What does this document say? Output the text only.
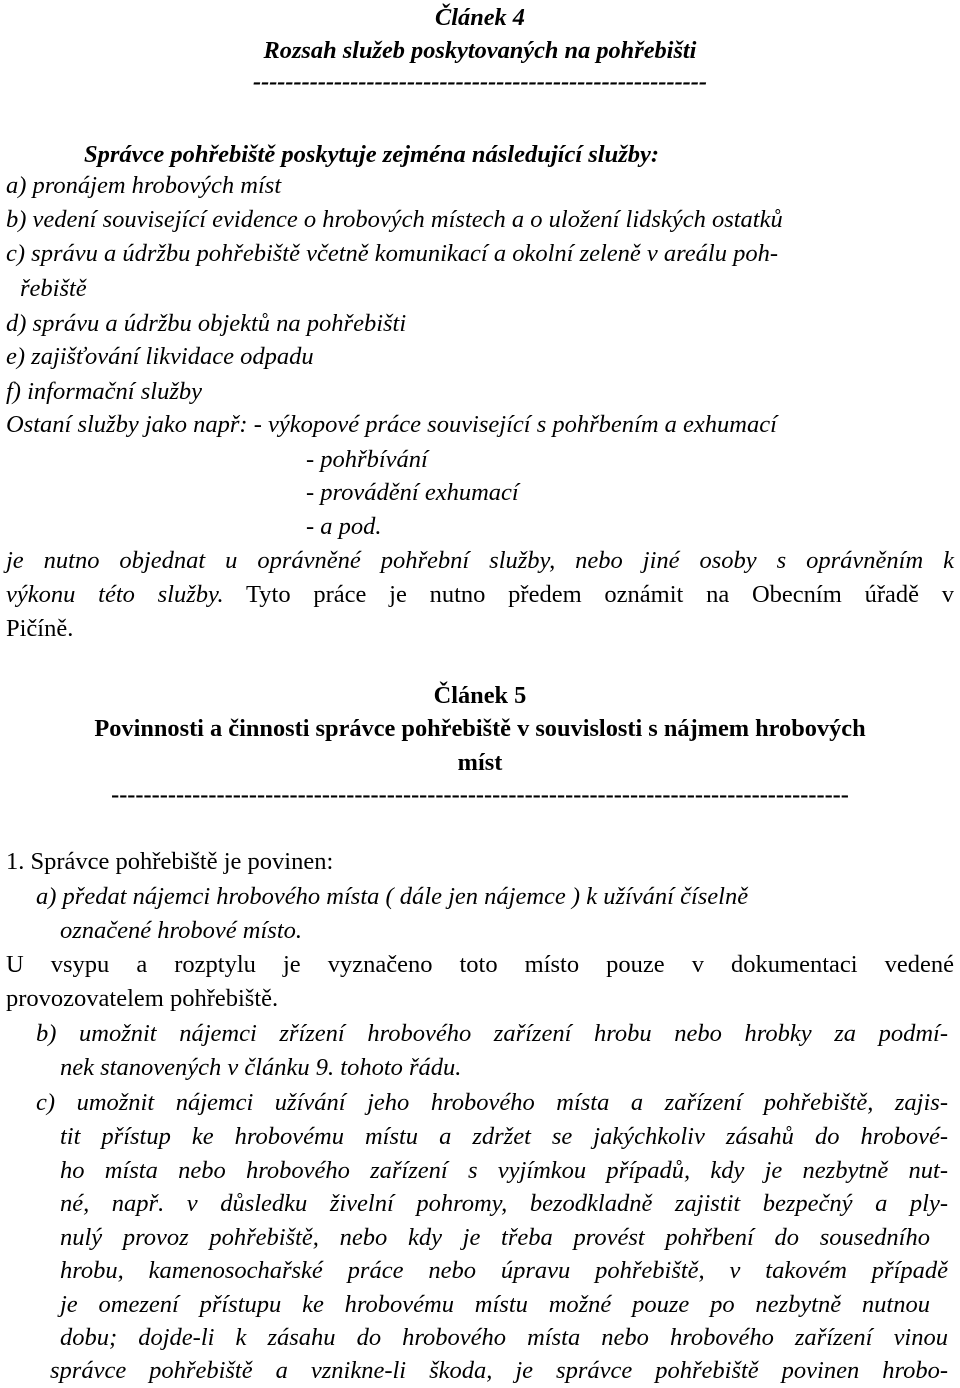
Článek 4
Rozsah služeb poskytovaných na pohřebišti
--------------------------------------------------------
Správce pohřebiště poskytuje zejména následující služby:
a) pronájem hrobových míst
b) vedení související evidence o hrobových místech a o uložení lidských ostatků
c) správu a údržbu pohřebiště včetně komunikací a okolní zeleně v areálu poh-
řebiště
d) správu a údržbu objektů na pohřebišti
e) zajišťování likvidace odpadu
f) informační služby
Ostaní služby jako např: - výkopové práce související s pohřbením a exhumací
- pohřbívání
- provádění exhumací
- a pod.
je nutno objednat u oprávněné pohřební služby, nebo jiné osoby s oprávněním k
výkonu této služby. Tyto práce je nutno předem oznámit na Obecním úřadě v
Pičíně.
Článek 5
Povinnosti a činnosti správce pohřebiště v souvislosti s nájmem hrobových
míst
-------------------------------------------------------------------------------------------
1. Správce pohřebiště je povinen:
a) předat nájemci hrobového místa ( dále jen nájemce ) k užívání číselně
označené hrobové místo.
U vsypu a rozptylu je vyznačeno toto místo pouze v dokumentaci vedené
provozovatelem pohřebiště.
b) umožnit nájemci zřízení hrobového zařízení hrobu nebo hrobky za podmí-
nek stanovených v článku 9. tohoto řádu.
c) umožnit nájemci užívání jeho hrobového místa a zařízení pohřebiště, zajis-
tit přístup ke hrobovému místu a zdržet se jakýchkoliv zásahů do hrobové-
ho místa nebo hrobového zařízení s vyjímkou případů, kdy je nezbytně nut-
né, např. v důsledku živelní pohromy, bezodkladně zajistit bezpečný a ply-
nulý provoz pohřebiště, nebo kdy je třeba provést pohřbení do sousedního
hrobu, kamenosochařské práce nebo úpravu pohřebiště, v takovém případě
je omezení přístupu ke hrobovému místu možné pouze po nezbytně nutnou
dobu; dojde-li k zásahu do hrobového místa nebo hrobového zařízení vinou
správce pohřebiště a vznikne-li škoda, je správce pohřebiště povinen hrobo-
